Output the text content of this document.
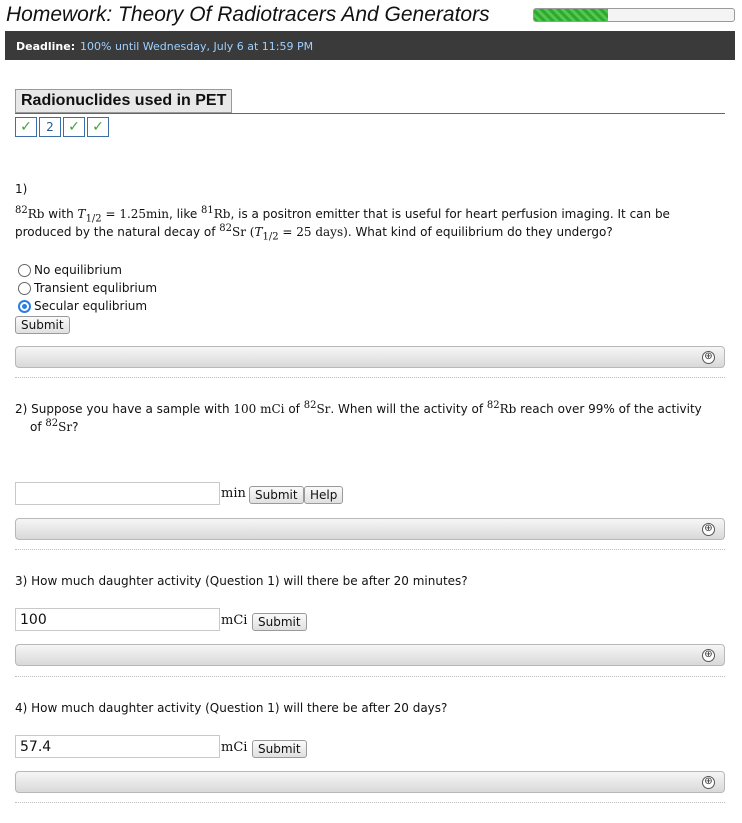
Homework: Theory Of Radiotracers And Generators
Deadline: 100% until Wednesday, July 6 at 11:59 PM
Radionuclides used in PET
✓	2	✓ ✓
1)
$^{82}$Rb with $T_{1/2} = 1.25\min$, like $^{81}$Rb, is a positron emitter that is useful for heart perfusion imaging. It can be
produced by the natural decay of $^{82}$Sr ($T_{1/2} = 25$ days). What kind of equilibrium do they undergo?
No equilibrium
Transient equlibrium
Secular equlibrium
Submit
⊕
2) Suppose you have a sample with 100 mCi of $^{82}$Sr. When will the activity of $^{82}$Rb reach over 99% of the activity
of $^{82}$Sr?
min Submit	Help
⊕
3) How much daughter activity (Question 1) will there be after 20 minutes?
100	mCi Submit
⊕
4) How much daughter activity (Question 1) will there be after 20 days?
57.4	mCi Submit
⊕
